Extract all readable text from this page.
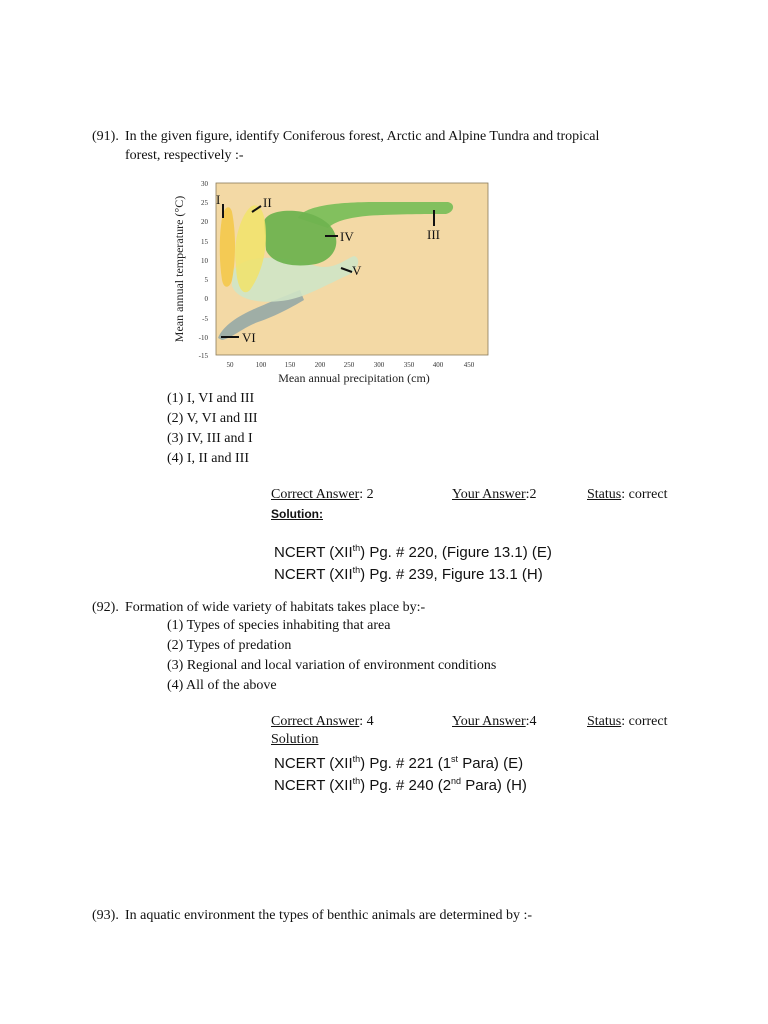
(91). In the given figure, identify Coniferous forest, Arctic and Alpine Tundra and tropical
forest, respectively :-
30
25
20
15
10
5
0
-5
-10
-15
50	100	150	200	250	300	350	400	450
Mean annual precipitation (cm)
Mean annual temperature (°C) I	II
III
IV
V
VI
(1) I, VI and III
(2) V, VI and III
(3) IV, III and I
(4) I, II and III
Correct Answer: 2	Your Answer:2	Status: correct
Solution:
NCERT (XIIth) Pg. # 220, (Figure 13.1) (E)
NCERT (XIIth) Pg. # 239, Figure 13.1 (H)
(92). Formation of wide variety of habitats takes place by:-
(1) Types of species inhabiting that area
(2) Types of predation
(3) Regional and local variation of environment conditions
(4) All of the above
Correct Answer: 4	Your Answer:4	Status: correct
Solution
NCERT (XIIth) Pg. # 221 (1st Para) (E)
NCERT (XIIth) Pg. # 240 (2nd Para) (H)
(93). In aquatic environment the types of benthic animals are determined by :-
